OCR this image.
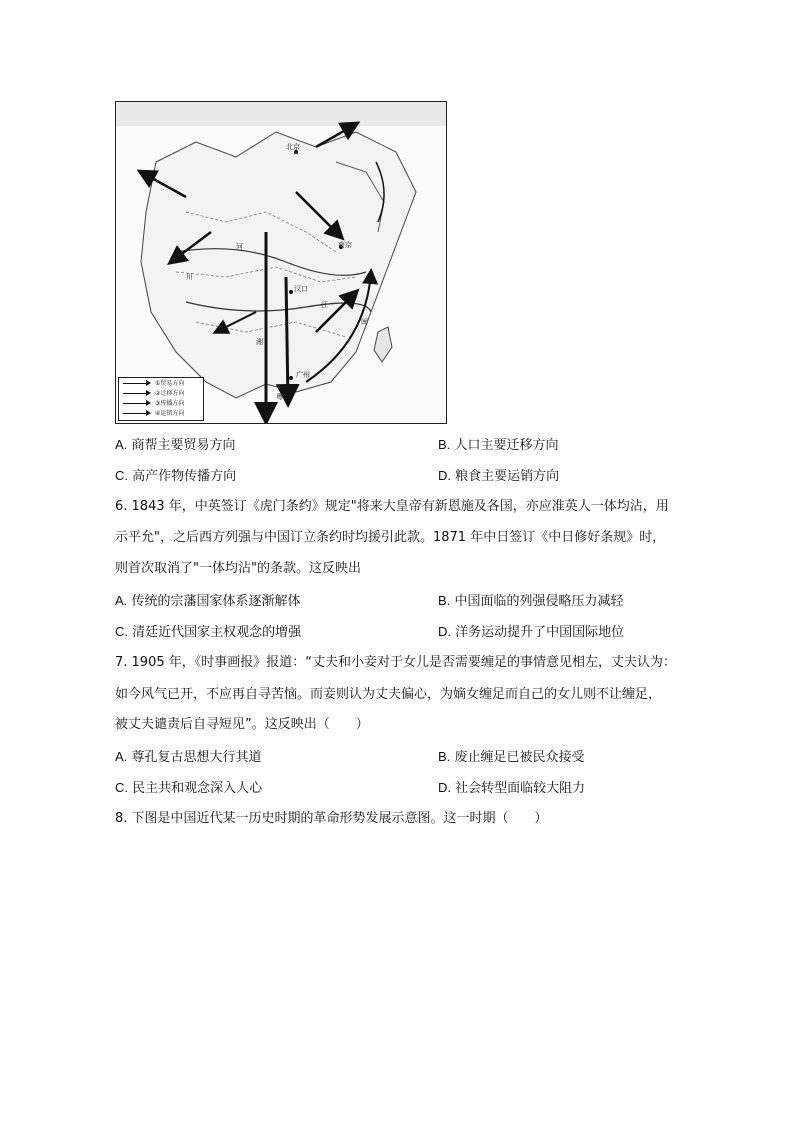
南京
北京
汉口
广州
江
河
川
湘
粤
闽
①贸易方向
②迁移方向
③传播方向
④运销方向
A. 商帮主要贸易方向	B. 人口主要迁移方向
C. 高产作物传播方向	D. 粮食主要运销方向
6. 1843 年，中英签订《虎门条约》规定"将来大皇帝有新恩施及各国，亦应准英人一体均沾，用
示平允"，之后西方列强与中国订立条约时均援引此款。1871 年中日签订《中日修好条规》时，
则首次取消了"一体均沾"的条款。这反映出
A. 传统的宗藩国家体系逐渐解体	B. 中国面临的列强侵略压力减轻
C. 清廷近代国家主权观念的增强	D. 洋务运动提升了中国国际地位
7. 1905 年，《时事画报》报道：“丈夫和小妾对于女儿是否需要缠足的事情意见相左，丈夫认为：
如今风气已开，不应再自寻苦恼。而妾则认为丈夫偏心，为嫡女缠足而自己的女儿则不让缠足，
被丈夫谴责后自寻短见”。这反映出（　　）
A. 尊孔复古思想大行其道	B. 废止缠足已被民众接受
C. 民主共和观念深入人心	D. 社会转型面临较大阻力
8. 下图是中国近代某一历史时期的革命形势发展示意图。这一时期（　　）
